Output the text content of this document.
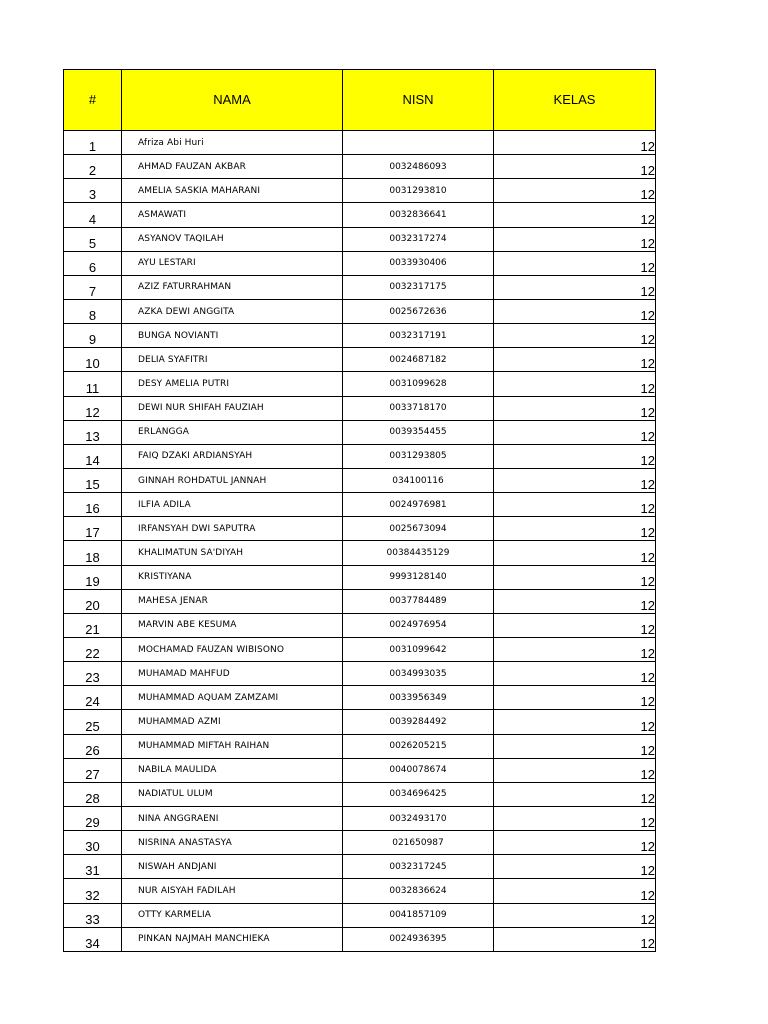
#	NAMA	NISN	KELAS
1	Afriza Abi Huri		12
2	AHMAD FAUZAN AKBAR	0032486093	12
3	AMELIA SASKIA MAHARANI	0031293810	12
4	ASMAWATI	0032836641	12
5	ASYANOV TAQILAH	0032317274	12
6	AYU LESTARI	0033930406	12
7	AZIZ FATURRAHMAN	0032317175	12
8	AZKA DEWI ANGGITA	0025672636	12
9	BUNGA NOVIANTI	0032317191	12
10	DELIA SYAFITRI	0024687182	12
11	DESY AMELIA PUTRI	0031099628	12
12	DEWI NUR SHIFAH FAUZIAH	0033718170	12
13	ERLANGGA	0039354455	12
14	FAIQ DZAKI ARDIANSYAH	0031293805	12
15	GINNAH ROHDATUL JANNAH	034100116	12
16	ILFIA ADILA	0024976981	12
17	IRFANSYAH DWI SAPUTRA	0025673094	12
18	KHALIMATUN SA'DIYAH	00384435129	12
19	KRISTIYANA	9993128140	12
20	MAHESA JENAR	0037784489	12
21	MARVIN ABE KESUMA	0024976954	12
22	MOCHAMAD FAUZAN WIBISONO	0031099642	12
23	MUHAMAD MAHFUD	0034993035	12
24	MUHAMMAD AQUAM ZAMZAMI	0033956349	12
25	MUHAMMAD AZMI	0039284492	12
26	MUHAMMAD MIFTAH RAIHAN	0026205215	12
27	NABILA MAULIDA	0040078674	12
28	NADIATUL ULUM	0034696425	12
29	NINA ANGGRAENI	0032493170	12
30	NISRINA ANASTASYA	021650987	12
31	NISWAH ANDJANI	0032317245	12
32	NUR AISYAH FADILAH	0032836624	12
33	OTTY KARMELIA	0041857109	12
34	PINKAN NAJMAH MANCHIEKA	0024936395	12
